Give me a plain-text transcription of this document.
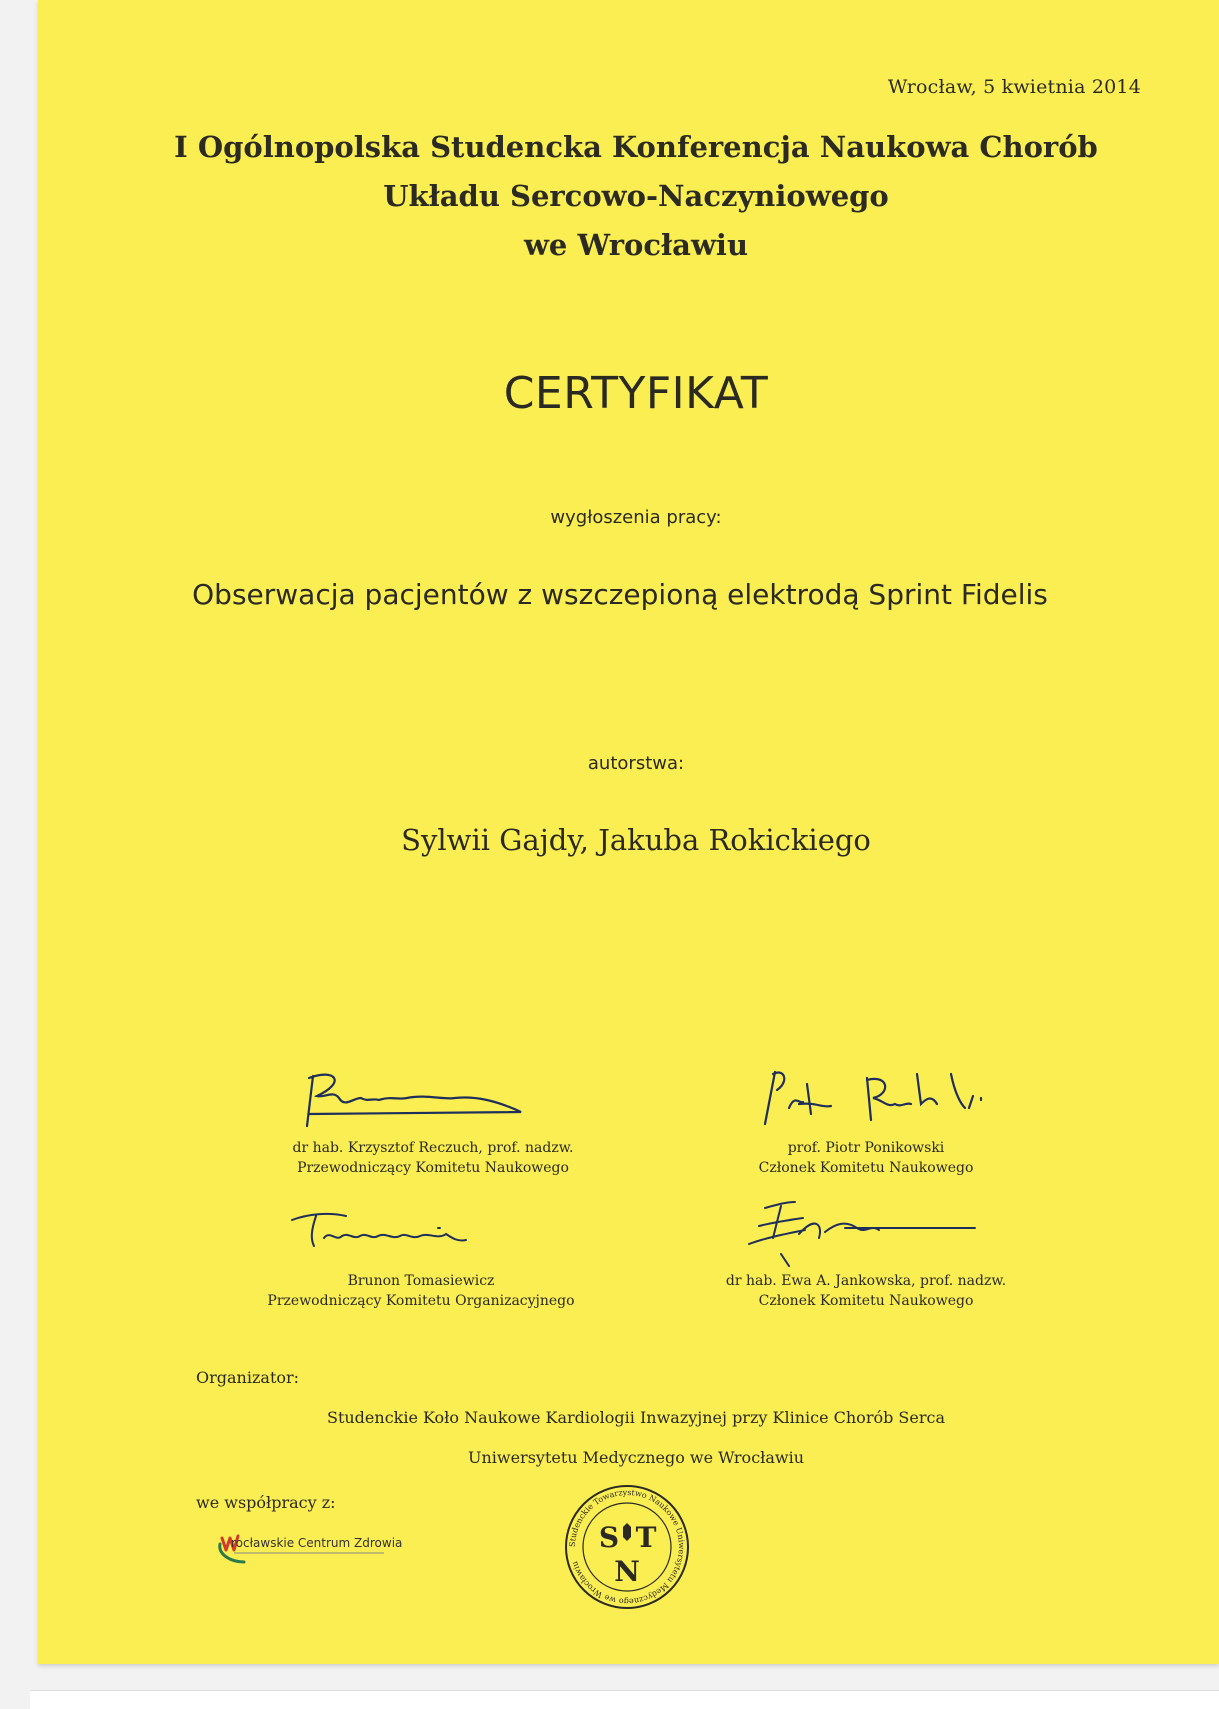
Wrocław, 5 kwietnia 2014
I Ogólnopolska Studencka Konferencja Naukowa Chorób
Układu Sercowo-Naczyniowego
we Wrocławiu
CERTYFIKAT
wygłoszenia pracy:
Obserwacja pacjentów z wszczepioną elektrodą Sprint Fidelis
autorstwa:
Sylwii Gajdy, Jakuba Rokickiego
dr hab. Krzysztof Reczuch, prof. nadzw.
Przewodniczący Komitetu Naukowego
prof. Piotr Ponikowski
Członek Komitetu Naukowego
Brunon Tomasiewicz
Przewodniczący Komitetu Organizacyjnego
dr hab. Ewa A. Jankowska, prof. nadzw.
Członek Komitetu Naukowego
Organizator:
Studenckie Koło Naukowe Kardiologii Inwazyjnej przy Klinice Chorób Serca
Uniwersytetu Medycznego we Wrocławiu
we współpracy z:
rocławskie Centrum Zdrowia	Studenckie Towarzystwo Naukowe Uniwersytetu Medycznego we Wrocławiu
S T
N
